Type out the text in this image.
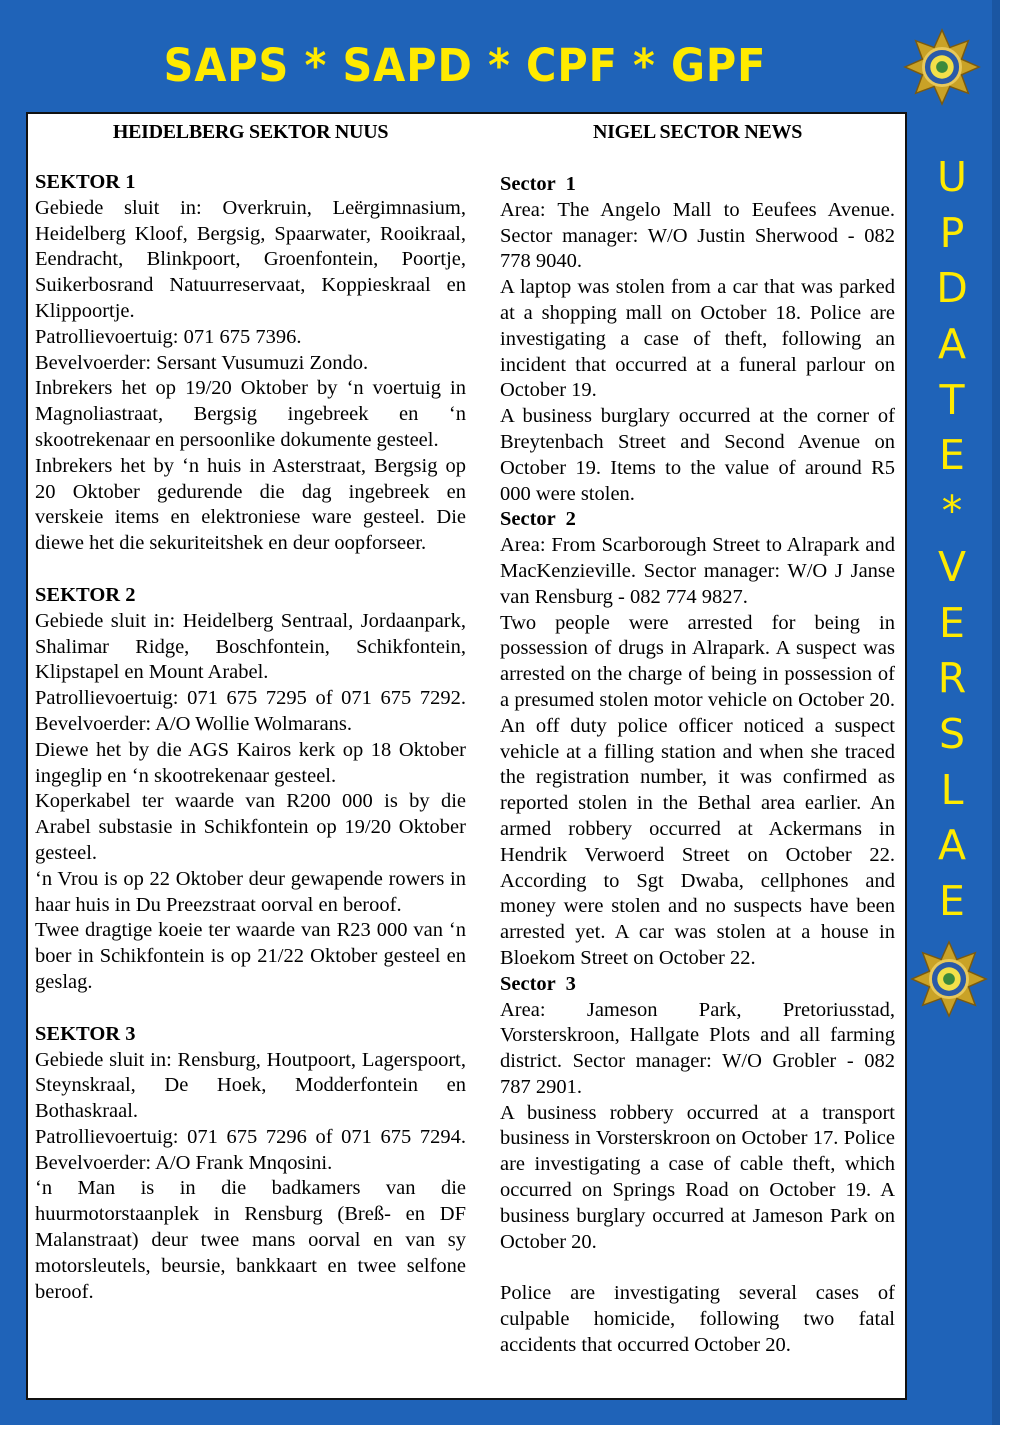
SAPS * SAPD * CPF * GPF
U
P
D
A
T
E
*
V
E
R
S
L
A
E
HEIDELBERG SEKTOR NUUS

SEKTOR 1

Gebiede sluit in: Overkruin, Leërgimnasium, Heidelberg Kloof, Bergsig, Spaarwater, Rooikraal, Eendracht, Blinkpoort, Groenfontein, Poortje, Suikerbosrand Natuurreservaat, Koppieskraal en Klippoortje.

Patrollievoertuig: 071 675 7396.

Bevelvoerder: Sersant Vusumuzi Zondo.

Inbrekers het op 19/20 Oktober by ‘n voertuig in Magnoliastraat, Bergsig ingebreek en ‘n skootrekenaar en persoonlike dokumente gesteel.

Inbrekers het by ‘n huis in Asterstraat, Bergsig op 20 Oktober gedurende die dag ingebreek en verskeie items en elektroniese ware gesteel. Die diewe het die sekuriteitshek en deur oopforseer.

SEKTOR 2

Gebiede sluit in: Heidelberg Sentraal, Jordaanpark, Shalimar Ridge, Boschfontein, Schikfontein, Klipstapel en Mount Arabel.

Patrollievoertuig: 071 675 7295 of 071 675 7292. Bevelvoerder: A/O Wollie Wolmarans.

Diewe het by die AGS Kairos kerk op 18 Oktober ingeglip en ‘n skootrekenaar gesteel.

Koperkabel ter waarde van R200 000 is by die Arabel substasie in Schikfontein op 19/20 Oktober gesteel.

‘n Vrou is op 22 Oktober deur gewapende rowers in haar huis in Du Preezstraat oorval en beroof.

Twee dragtige koeie ter waarde van R23 000 van ‘n boer in Schikfontein is op 21/22 Oktober gesteel en geslag.

SEKTOR 3

Gebiede sluit in: Rensburg, Houtpoort, Lagerspoort, Steynskraal, De Hoek, Modderfontein en Bothaskraal.

Patrollievoertuig: 071 675 7296 of 071 675 7294. Bevelvoerder: A/O Frank Mnqosini.

‘n Man is in die badkamers van die huurmotorstaanplek in Rensburg (Breß- en DF Malanstraat) deur twee mans oorval en van sy motorsleutels, beursie, bankkaart en twee selfone beroof.

NIGEL SECTOR NEWS

Sector  1

Area: The Angelo Mall to Eeufees Avenue. Sector manager: W/O Justin Sherwood - 082 778 9040.

A laptop was stolen from a car that was parked at a shopping mall on October 18. Police are investigating a case of theft, following an incident that occurred at a funeral parlour on October 19.

A business burglary occurred at the corner of Breytenbach Street and Second Avenue on October 19. Items to the value of around R5 000 were stolen.

Sector  2

Area: From Scarborough Street to Alrapark and MacKenzieville. Sector manager: W/O J Janse van Rensburg - 082 774 9827.

Two people were arrested for being in possession of drugs in Alrapark. A suspect was arrested on the charge of being in possession of a presumed stolen motor vehicle on October 20. An off duty police officer noticed a suspect vehicle at a filling station and when she traced the registration number, it was confirmed as reported stolen in the Bethal area earlier. An armed robbery occurred at Ackermans in Hendrik Verwoerd Street on October 22. According to Sgt Dwaba, cellphones and money were stolen and no suspects have been arrested yet. A car was stolen at a house in Bloekom Street on October 22.

Sector  3

Area: Jameson Park, Pretoriusstad, Vorsterskroon, Hallgate Plots and all farming district. Sector manager: W/O Grobler - 082 787 2901.

A business robbery occurred at a transport business in Vorsterskroon on October 17. Police are investigating a case of cable theft, which occurred on Springs Road on October 19. A business burglary occurred at Jameson Park on October 20.

Police are investigating several cases of culpable homicide, following two fatal accidents that occurred October 20.
